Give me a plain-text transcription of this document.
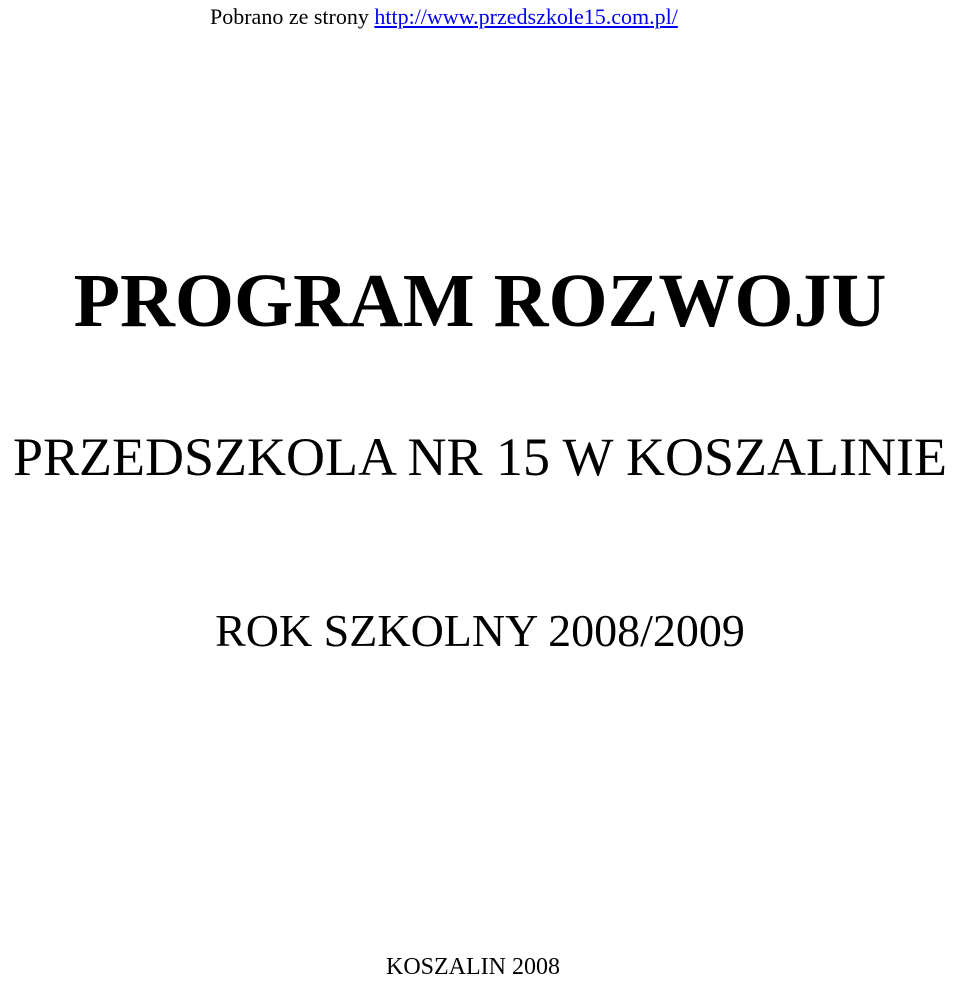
Pobrano ze strony http://www.przedszkole15.com.pl/
PROGRAM ROZWOJU
PRZEDSZKOLA NR 15 W KOSZALINIE
ROK SZKOLNY 2008/2009
KOSZALIN 2008
